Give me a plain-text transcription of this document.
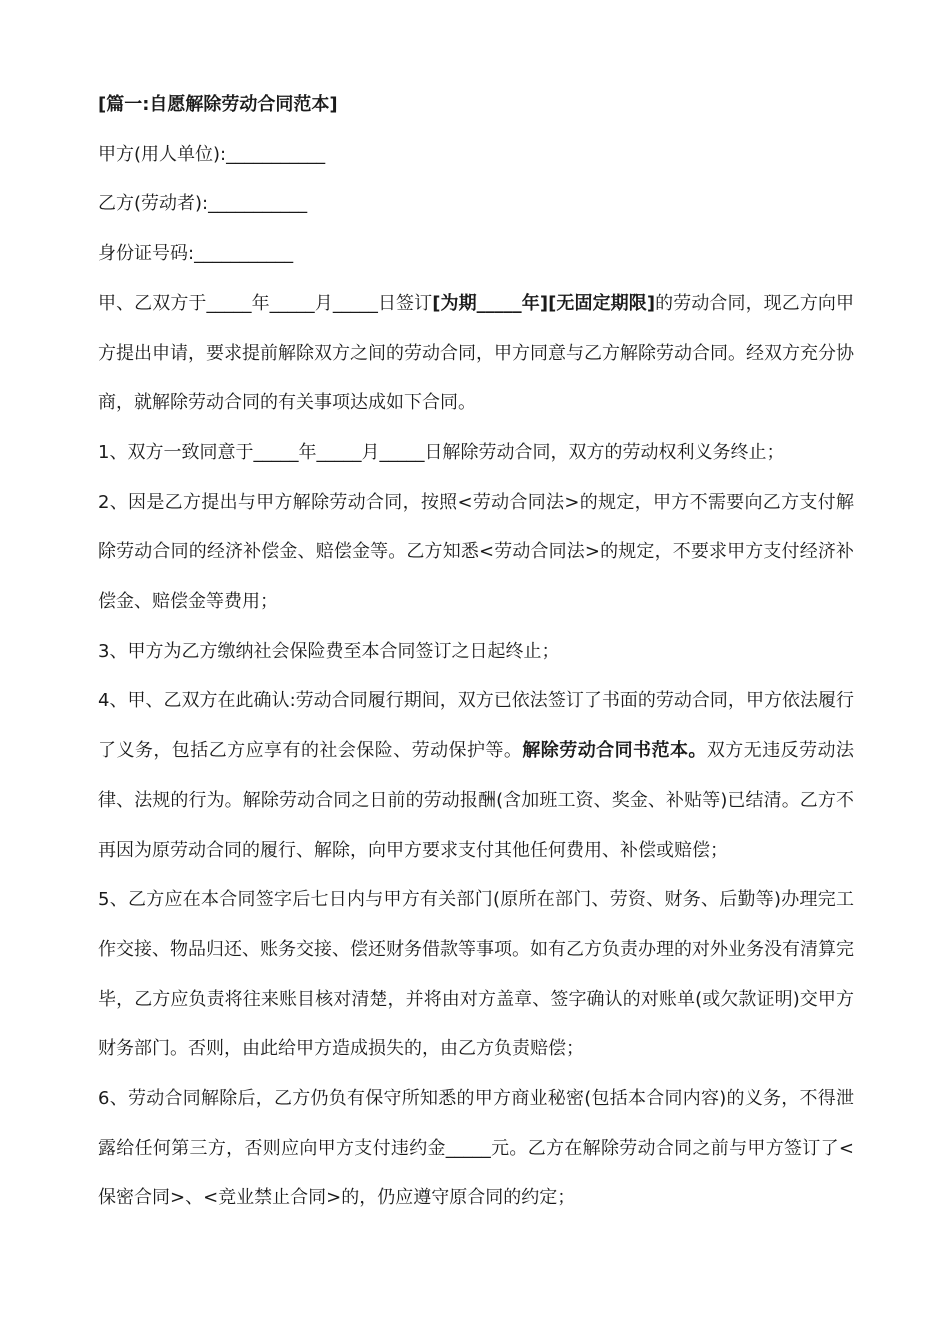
[篇一:自愿解除劳动合同范本]

甲方(用人单位):___________

乙方(劳动者):___________

身份证号码:___________

甲、乙双方于_____年_____月_____日签订[为期_____年][无固定期限]的劳动合同，现乙方向甲方提出申请，要求提前解除双方之间的劳动合同，甲方同意与乙方解除劳动合同。经双方充分协商，就解除劳动合同的有关事项达成如下合同。

1、双方一致同意于_____年_____月_____日解除劳动合同，双方的劳动权利义务终止；

2、因是乙方提出与甲方解除劳动合同，按照<劳动合同法>的规定，甲方不需要向乙方支付解除劳动合同的经济补偿金、赔偿金等。乙方知悉<劳动合同法>的规定，不要求甲方支付经济补偿金、赔偿金等费用；

3、甲方为乙方缴纳社会保险费至本合同签订之日起终止；

4、甲、乙双方在此确认:劳动合同履行期间，双方已依法签订了书面的劳动合同，甲方依法履行了义务，包括乙方应享有的社会保险、劳动保护等。解除劳动合同书范本。双方无违反劳动法律、法规的行为。解除劳动合同之日前的劳动报酬(含加班工资、奖金、补贴等)已结清。乙方不再因为原劳动合同的履行、解除，向甲方要求支付其他任何费用、补偿或赔偿；

5、乙方应在本合同签字后七日内与甲方有关部门(原所在部门、劳资、财务、后勤等)办理完工作交接、物品归还、账务交接、偿还财务借款等事项。如有乙方负责办理的对外业务没有清算完毕，乙方应负责将往来账目核对清楚，并将由对方盖章、签字确认的对账单(或欠款证明)交甲方财务部门。否则，由此给甲方造成损失的，由乙方负责赔偿；

6、劳动合同解除后，乙方仍负有保守所知悉的甲方商业秘密(包括本合同内容)的义务，不得泄露给任何第三方，否则应向甲方支付违约金_____元。乙方在解除劳动合同之前与甲方签订了<保密合同>、<竞业禁止合同>的，仍应遵守原合同的约定；
